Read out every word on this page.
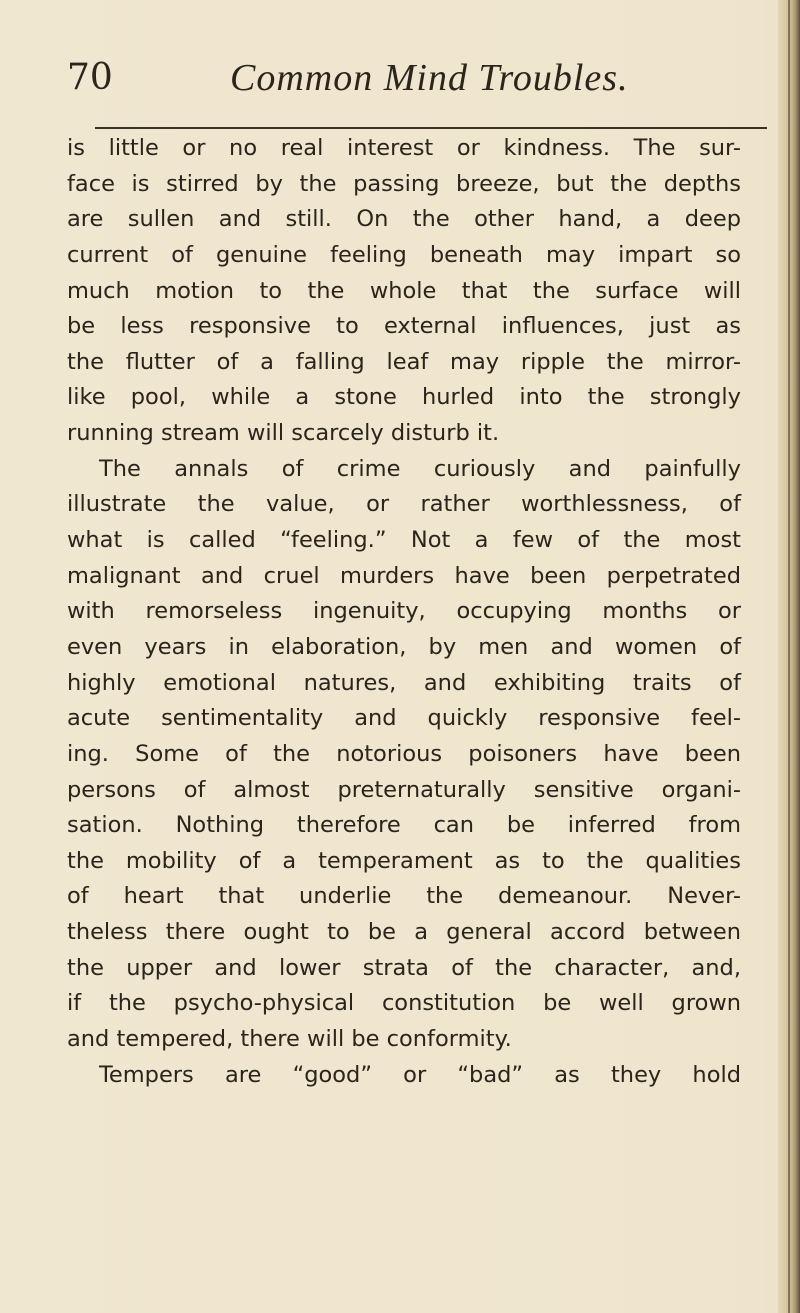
70	Common Mind Troubles.
is little or no real interest or kindness. The sur-
face is stirred by the passing breeze, but the depths
are sullen and still. On the other hand, a deep
current of genuine feeling beneath may impart so
much motion to the whole that the surface will
be less responsive to external influences, just as
the flutter of a falling leaf may ripple the mirror-
like pool, while a stone hurled into the strongly
running stream will scarcely disturb it.
The annals of crime curiously and painfully
illustrate the value, or rather worthlessness, of
what is called “feeling.” Not a few of the most
malignant and cruel murders have been perpetrated
with remorseless ingenuity, occupying months or
even years in elaboration, by men and women of
highly emotional natures, and exhibiting traits of
acute sentimentality and quickly responsive feel-
ing. Some of the notorious poisoners have been
persons of almost preternaturally sensitive organi-
sation. Nothing therefore can be inferred from
the mobility of a temperament as to the qualities
of heart that underlie the demeanour. Never-
theless there ought to be a general accord between
the upper and lower strata of the character, and,
if the psycho-physical constitution be well grown
and tempered, there will be conformity.
Tempers are “good” or “bad” as they hold
